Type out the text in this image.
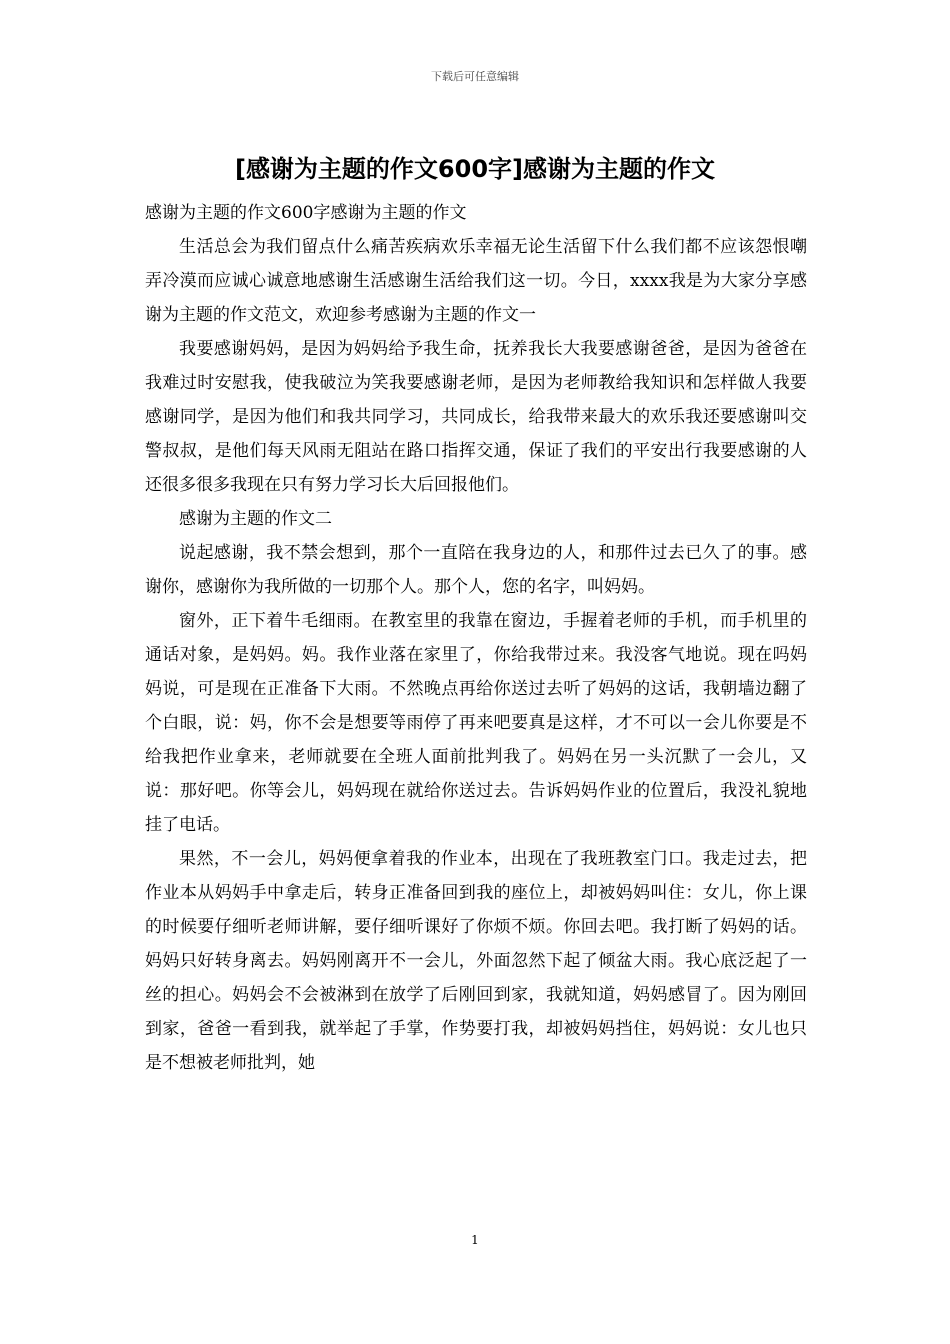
下载后可任意编辑
[感谢为主题的作文600字]感谢为主题的作文

感谢为主题的作文600字感谢为主题的作文

生活总会为我们留点什么痛苦疾病欢乐幸福无论生活留下什么我们都不应该怨恨嘲弄冷漠而应诚心诚意地感谢生活感谢生活给我们这一切。今日，xxxx我是为大家分享感谢为主题的作文范文，欢迎参考感谢为主题的作文一

我要感谢妈妈，是因为妈妈给予我生命，抚养我长大我要感谢爸爸，是因为爸爸在我难过时安慰我，使我破泣为笑我要感谢老师，是因为老师教给我知识和怎样做人我要感谢同学，是因为他们和我共同学习，共同成长，给我带来最大的欢乐我还要感谢叫交警叔叔，是他们每天风雨无阻站在路口指挥交通，保证了我们的平安出行我要感谢的人还很多很多我现在只有努力学习长大后回报他们。

感谢为主题的作文二

说起感谢，我不禁会想到，那个一直陪在我身边的人，和那件过去已久了的事。感谢你，感谢你为我所做的一切那个人。那个人，您的名字，叫妈妈。

窗外，正下着牛毛细雨。在教室里的我靠在窗边，手握着老师的手机，而手机里的通话对象，是妈妈。妈。我作业落在家里了，你给我带过来。我没客气地说。现在吗妈妈说，可是现在正准备下大雨。不然晚点再给你送过去听了妈妈的这话，我朝墙边翻了个白眼，说：妈，你不会是想要等雨停了再来吧要真是这样，才不可以一会儿你要是不给我把作业拿来，老师就要在全班人面前批判我了。妈妈在另一头沉默了一会儿，又说：那好吧。你等会儿，妈妈现在就给你送过去。告诉妈妈作业的位置后，我没礼貌地挂了电话。

果然，不一会儿，妈妈便拿着我的作业本，出现在了我班教室门口。我走过去，把作业本从妈妈手中拿走后，转身正准备回到我的座位上，却被妈妈叫住：女儿，你上课的时候要仔细听老师讲解，要仔细听课好了你烦不烦。你回去吧。我打断了妈妈的话。妈妈只好转身离去。妈妈刚离开不一会儿，外面忽然下起了倾盆大雨。我心底泛起了一丝的担心。妈妈会不会被淋到在放学了后刚回到家，我就知道，妈妈感冒了。因为刚回到家，爸爸一看到我，就举起了手掌，作势要打我，却被妈妈挡住，妈妈说：女儿也只是不想被老师批判，她

1
